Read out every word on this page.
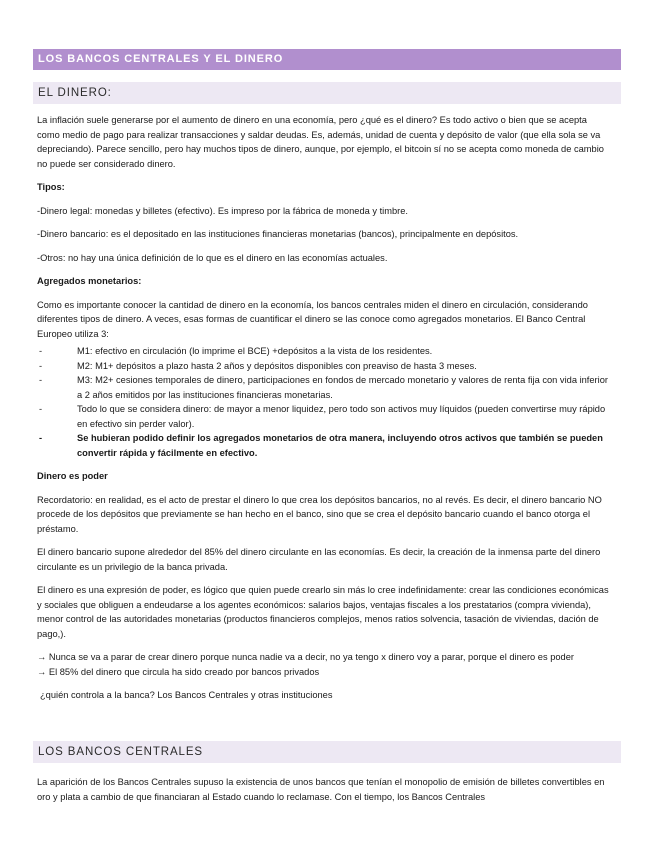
LOS BANCOS CENTRALES Y EL DINERO
EL DINERO:

La inflación suele generarse por el aumento de dinero en una economía, pero ¿qué es el dinero? Es todo activo o bien que se acepta como medio de pago para realizar transacciones y saldar deudas. Es, además, unidad de cuenta y depósito de valor (que ella sola se va depreciando). Parece sencillo, pero hay muchos tipos de dinero, aunque, por ejemplo, el bitcoin sí no se acepta como moneda de cambio no puede ser considerado dinero.

Tipos:

-Dinero legal: monedas y billetes (efectivo). Es impreso por la fábrica de moneda y timbre.

-Dinero bancario: es el depositado en las instituciones financieras monetarias (bancos), principalmente en depósitos.

-Otros: no hay una única definición de lo que es el dinero en las economías actuales.

Agregados monetarios:

Como es importante conocer la cantidad de dinero en la economía, los bancos centrales miden el dinero en circulación, considerando diferentes tipos de dinero. A veces, esas formas de cuantificar el dinero se las conoce como agregados monetarios. El Banco Central Europeo utiliza 3:

-	M1: efectivo en circulación (lo imprime el BCE) +depósitos a la vista de los residentes.
-	M2: M1+ depósitos a plazo hasta 2 años y depósitos disponibles con preaviso de hasta 3 meses.
-	M3: M2+ cesiones temporales de dinero, participaciones en fondos de mercado monetario y valores de renta fija con vida inferior a 2 años emitidos por las instituciones financieras monetarias.
-	Todo lo que se considera dinero: de mayor a menor liquidez, pero todo son activos muy líquidos (pueden convertirse muy rápido en efectivo sin perder valor).
-	Se hubieran podido definir los agregados monetarios de otra manera, incluyendo otros activos que también se pueden convertir rápida y fácilmente en efectivo.

Dinero es poder

Recordatorio: en realidad, es el acto de prestar el dinero lo que crea los depósitos bancarios, no al revés. Es decir, el dinero bancario NO procede de los depósitos que previamente se han hecho en el banco, sino que se crea el depósito bancario cuando el banco otorga el préstamo.

El dinero bancario supone alrededor del 85% del dinero circulante en las economías. Es decir, la creación de la inmensa parte del dinero circulante es un privilegio de la banca privada.

El dinero es una expresión de poder, es lógico que quien puede crearlo sin más lo cree indefinidamente: crear las condiciones económicas y sociales que obliguen a endeudarse a los agentes económicos: salarios bajos, ventajas fiscales a los prestatarios (compra vivienda), menor control de las autoridades monetarias (productos financieros complejos, menos ratios solvencia, tasación de viviendas, dación de pago,).

→ Nunca se va a parar de crear dinero porque nunca nadie va a decir, no ya tengo x dinero voy a parar, porque el dinero es poder

→ El 85% del dinero que circula ha sido creado por bancos privados

¿quién controla a la banca? Los Bancos Centrales y otras instituciones

LOS BANCOS CENTRALES

La aparición de los Bancos Centrales supuso la existencia de unos bancos que tenían el monopolio de emisión de billetes convertibles en oro y plata a cambio de que financiaran al Estado cuando lo reclamase. Con el tiempo, los Bancos Centrales
